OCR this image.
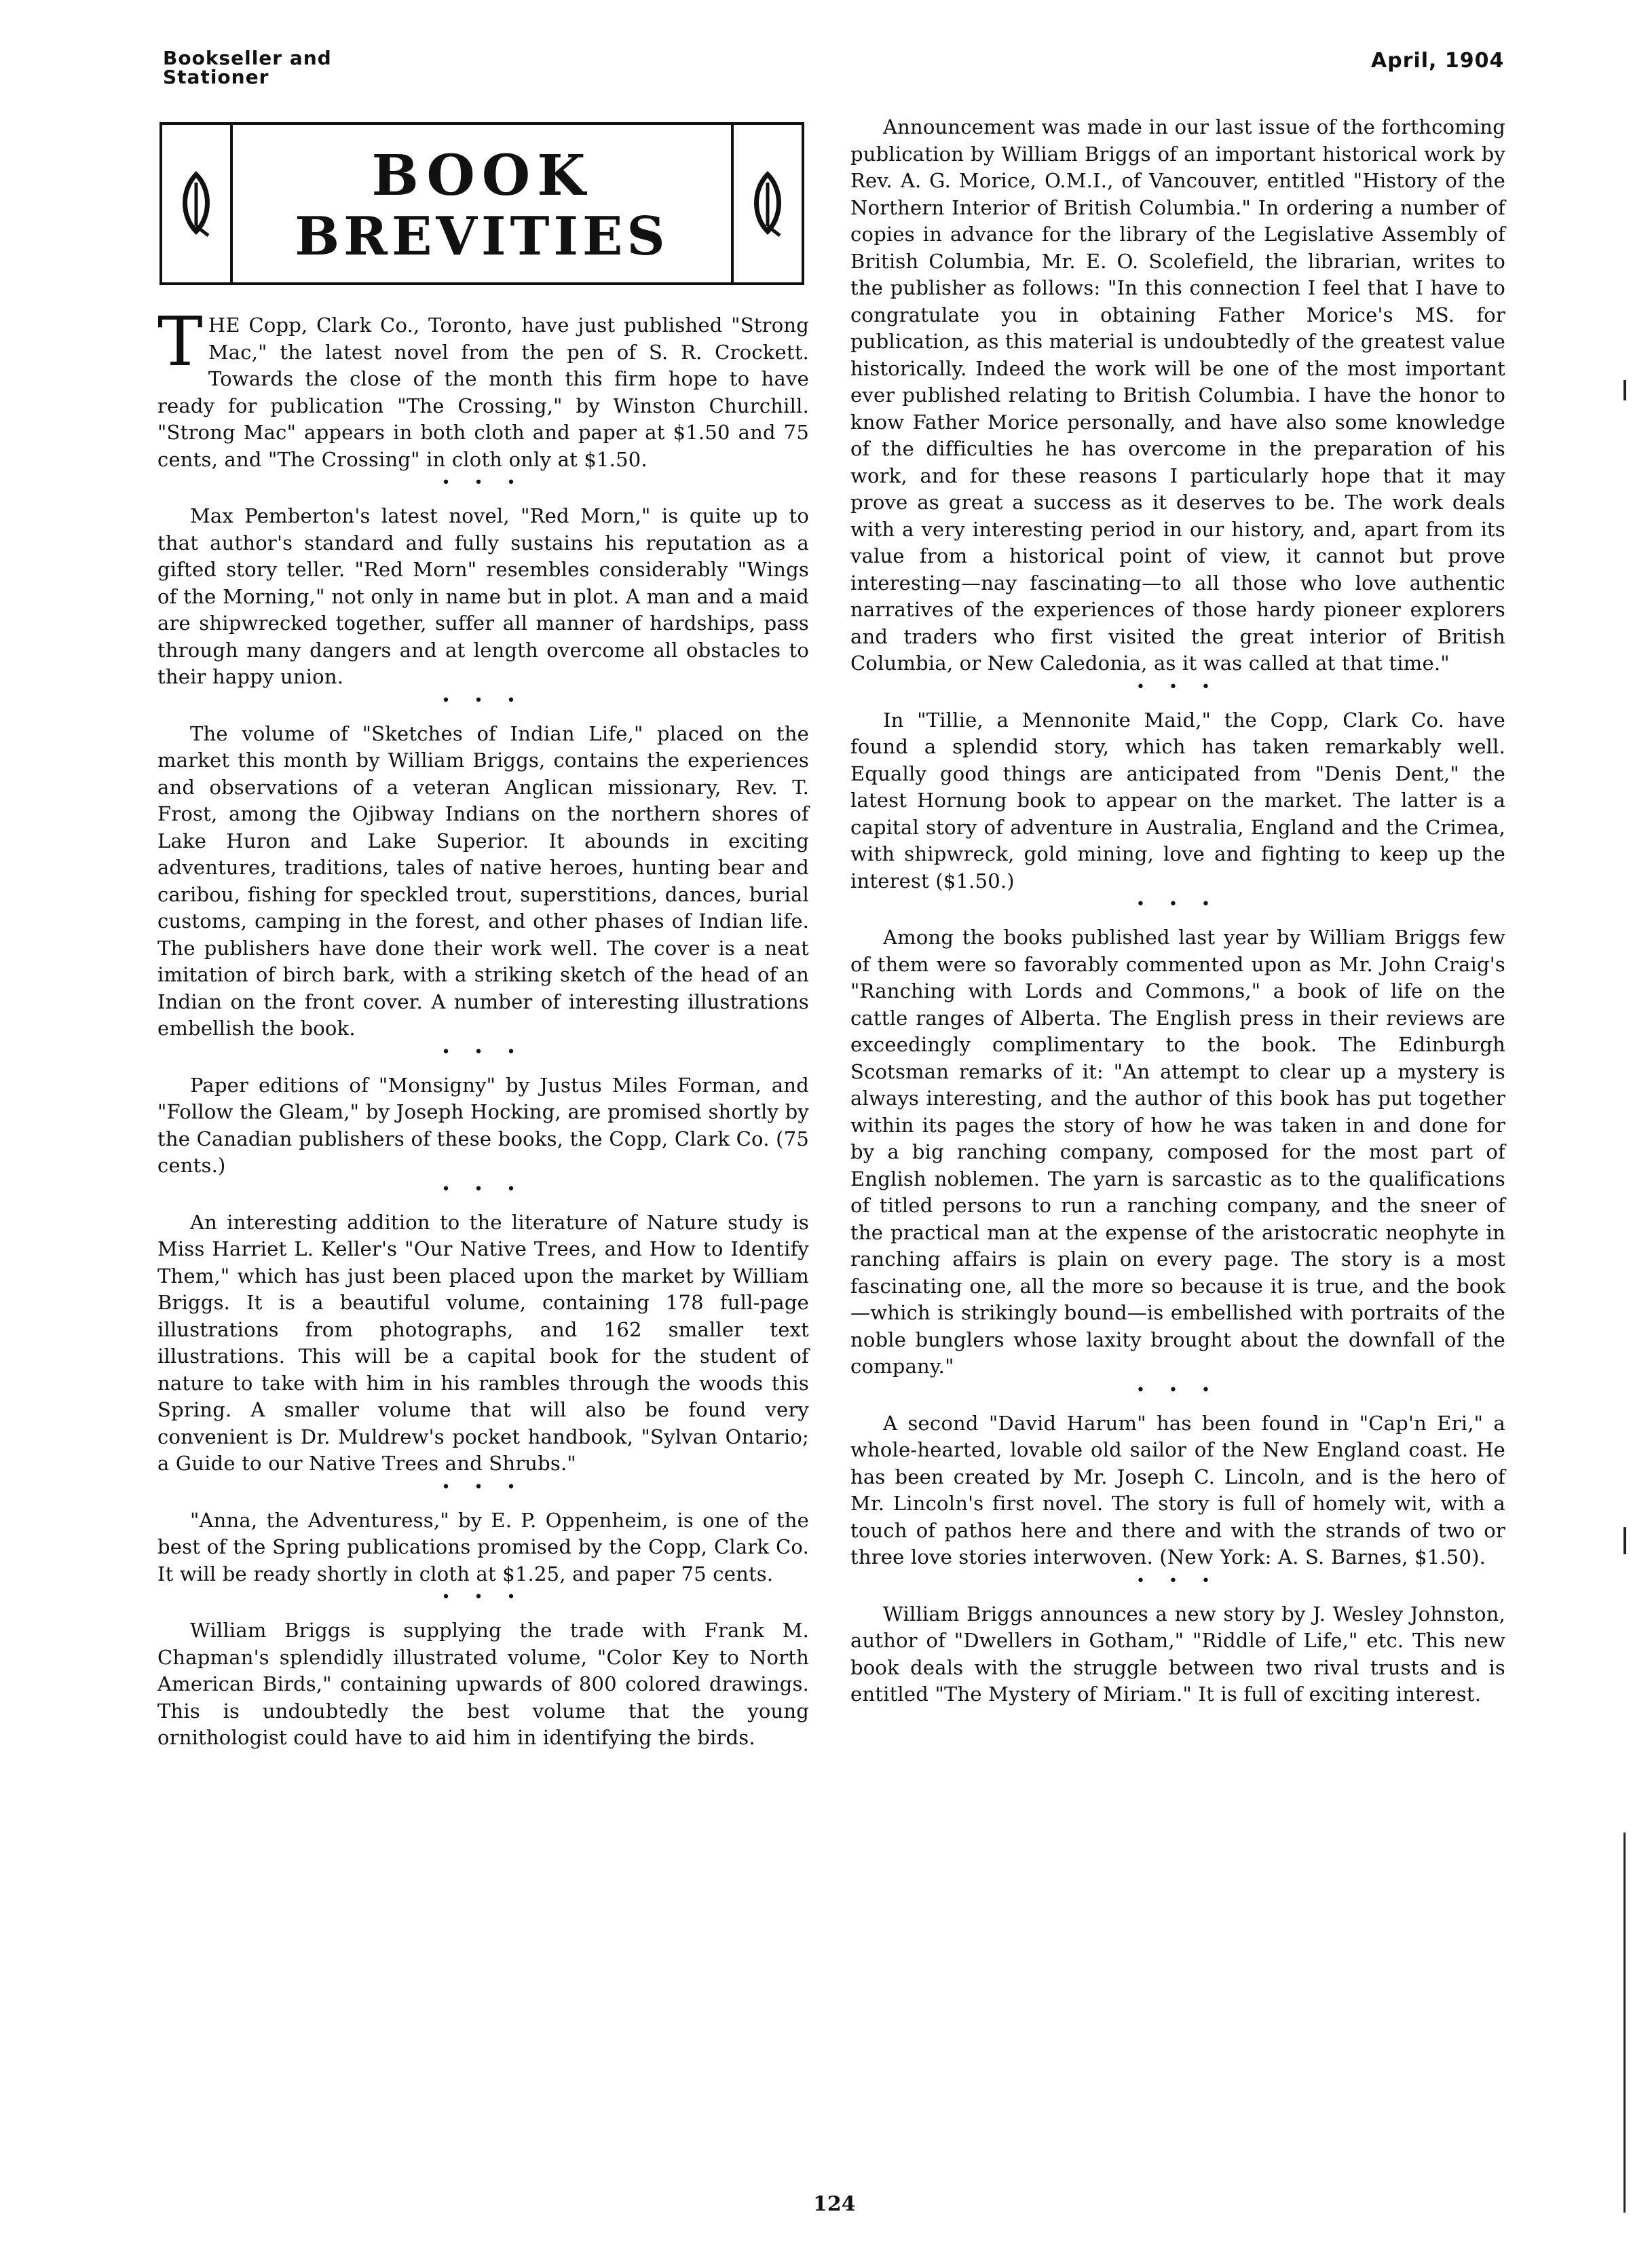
Bookseller and
Stationer
April, 1904
BOOK
BREVITIES

THE Copp, Clark Co., Toronto, have just published "Strong Mac," the latest novel from the pen of S. R. Crockett. Towards the close of the month this firm hope to have ready for publication "The Crossing," by Winston Churchill. "Strong Mac" appears in both cloth and paper at $1.50 and 75 cents, and "The Crossing" in cloth only at $1.50.

• • •

Max Pemberton's latest novel, "Red Morn," is quite up to that author's standard and fully sustains his reputation as a gifted story teller. "Red Morn" resembles considerably "Wings of the Morning," not only in name but in plot. A man and a maid are shipwrecked together, suffer all manner of hardships, pass through many dangers and at length overcome all obstacles to their happy union.

• • •

The volume of "Sketches of Indian Life," placed on the market this month by William Briggs, contains the experiences and observations of a veteran Anglican missionary, Rev. T. Frost, among the Ojibway Indians on the northern shores of Lake Huron and Lake Superior. It abounds in exciting adventures, traditions, tales of native heroes, hunting bear and caribou, fishing for speckled trout, superstitions, dances, burial customs, camping in the forest, and other phases of Indian life. The publishers have done their work well. The cover is a neat imitation of birch bark, with a striking sketch of the head of an Indian on the front cover. A number of interesting illustrations embellish the book.

• • •

Paper editions of "Monsigny" by Justus Miles Forman, and "Follow the Gleam," by Joseph Hocking, are promised shortly by the Canadian publishers of these books, the Copp, Clark Co. (75 cents.)

• • •

An interesting addition to the literature of Nature study is Miss Harriet L. Keller's "Our Native Trees, and How to Identify Them," which has just been placed upon the market by William Briggs. It is a beautiful volume, containing 178 full-page illustrations from photographs, and 162 smaller text illustrations. This will be a capital book for the student of nature to take with him in his rambles through the woods this Spring. A smaller volume that will also be found very convenient is Dr. Muldrew's pocket handbook, "Sylvan Ontario; a Guide to our Native Trees and Shrubs."

• • •

"Anna, the Adventuress," by E. P. Oppenheim, is one of the best of the Spring publications promised by the Copp, Clark Co. It will be ready shortly in cloth at $1.25, and paper 75 cents.

• • •

William Briggs is supplying the trade with Frank M. Chapman's splendidly illustrated volume, "Color Key to North American Birds," containing upwards of 800 colored drawings. This is undoubtedly the best volume that the young ornithologist could have to aid him in identifying the birds.

Announcement was made in our last issue of the forthcoming publication by William Briggs of an important historical work by Rev. A. G. Morice, O.M.I., of Vancouver, entitled "History of the Northern Interior of British Columbia." In ordering a number of copies in advance for the library of the Legislative Assembly of British Columbia, Mr. E. O. Scolefield, the librarian, writes to the publisher as follows: "In this connection I feel that I have to congratulate you in obtaining Father Morice's MS. for publication, as this material is undoubtedly of the greatest value historically. Indeed the work will be one of the most important ever published relating to British Columbia. I have the honor to know Father Morice personally, and have also some knowledge of the difficulties he has overcome in the preparation of his work, and for these reasons I particularly hope that it may prove as great a success as it deserves to be. The work deals with a very interesting period in our history, and, apart from its value from a historical point of view, it cannot but prove interesting—nay fascinating—to all those who love authentic narratives of the experiences of those hardy pioneer explorers and traders who first visited the great interior of British Columbia, or New Caledonia, as it was called at that time."

• • •

In "Tillie, a Mennonite Maid," the Copp, Clark Co. have found a splendid story, which has taken remarkably well. Equally good things are anticipated from "Denis Dent," the latest Hornung book to appear on the market. The latter is a capital story of adventure in Australia, England and the Crimea, with shipwreck, gold mining, love and fighting to keep up the interest ($1.50.)

• • •

Among the books published last year by William Briggs few of them were so favorably commented upon as Mr. John Craig's "Ranching with Lords and Commons," a book of life on the cattle ranges of Alberta. The English press in their reviews are exceedingly complimentary to the book. The Edinburgh Scotsman remarks of it: "An attempt to clear up a mystery is always interesting, and the author of this book has put together within its pages the story of how he was taken in and done for by a big ranching company, composed for the most part of English noblemen. The yarn is sarcastic as to the qualifications of titled persons to run a ranching company, and the sneer of the practical man at the expense of the aristocratic neophyte in ranching affairs is plain on every page. The story is a most fascinating one, all the more so because it is true, and the book—which is strikingly bound—is embellished with portraits of the noble bunglers whose laxity brought about the downfall of the company."

• • •

A second "David Harum" has been found in "Cap'n Eri," a whole-hearted, lovable old sailor of the New England coast. He has been created by Mr. Joseph C. Lincoln, and is the hero of Mr. Lincoln's first novel. The story is full of homely wit, with a touch of pathos here and there and with the strands of two or three love stories interwoven. (New York: A. S. Barnes, $1.50).

• • •

William Briggs announces a new story by J. Wesley Johnston, author of "Dwellers in Gotham," "Riddle of Life," etc. This new book deals with the struggle between two rival trusts and is entitled "The Mystery of Miriam." It is full of exciting interest.

124
